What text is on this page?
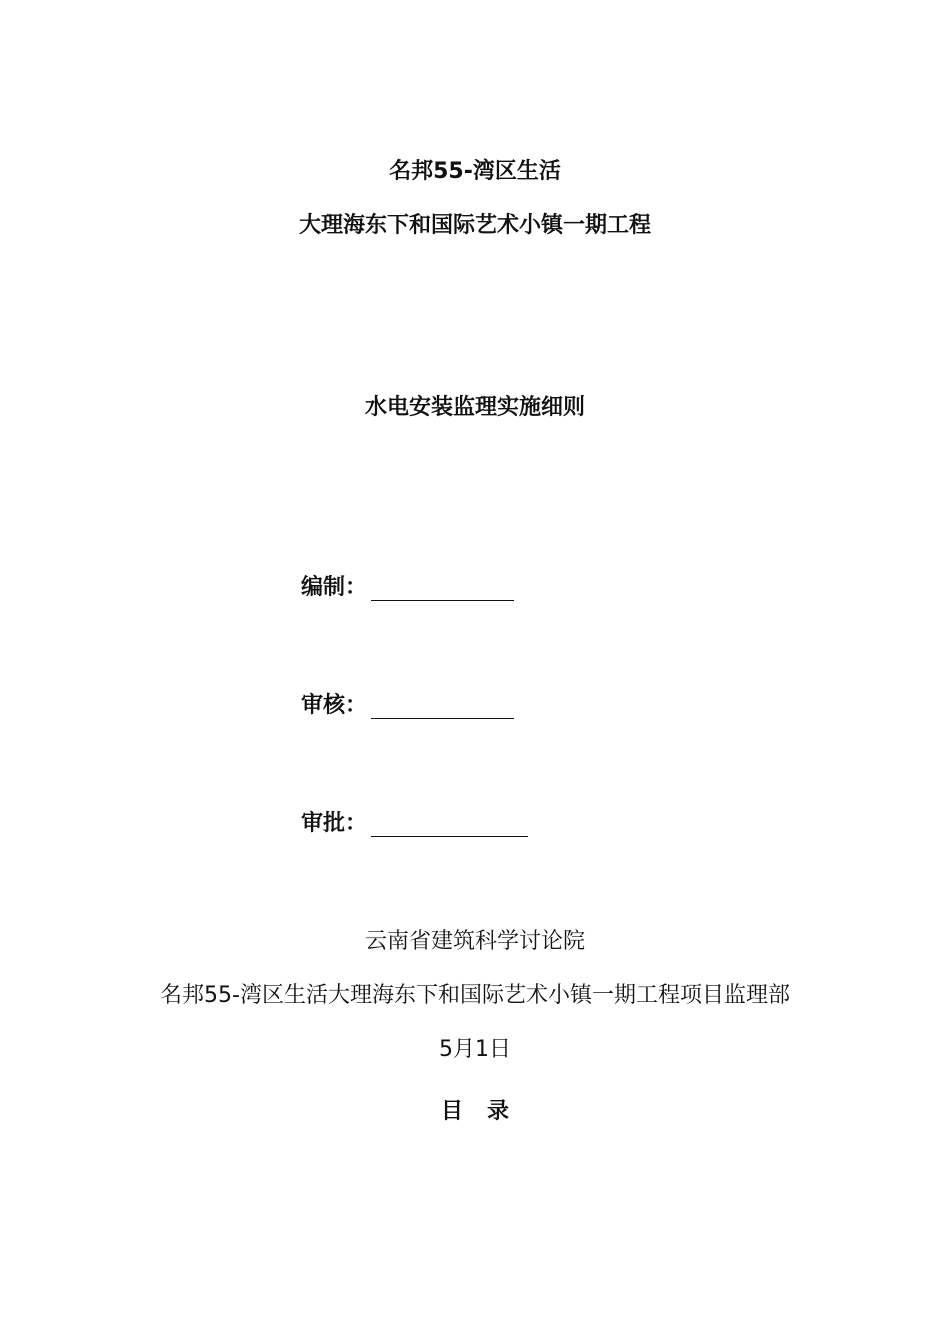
名邦55-湾区生活
大理海东下和国际艺术小镇一期工程
水电安装监理实施细则
编制：
审核：
审批：
云南省建筑科学讨论院
名邦55-湾区生活大理海东下和国际艺术小镇一期工程项目监理部
5月1日
目录
